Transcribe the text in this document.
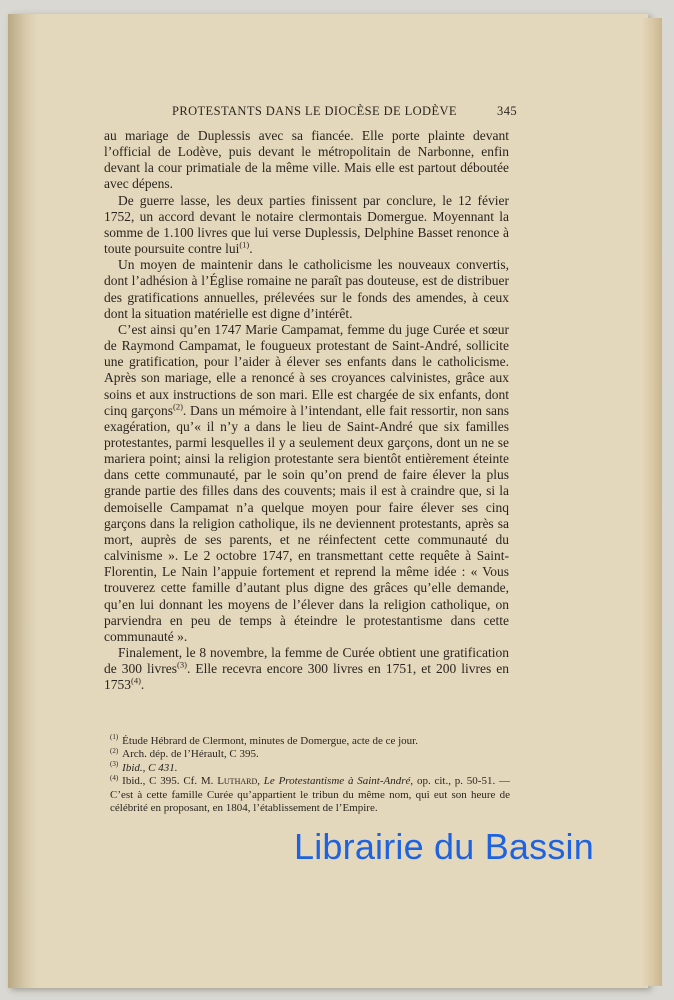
PROTESTANTS DANS LE DIOCÈSE DE LODÈVE	345

au mariage de Duplessis avec sa fiancée. Elle porte plainte devant l’official de Lodève, puis devant le métropolitain de Narbonne, enfin devant la cour primatiale de la même ville. Mais elle est partout déboutée avec dépens.

De guerre lasse, les deux parties finissent par conclure, le 12 févier 1752, un accord devant le notaire clermontais Domergue. Moyennant la somme de 1.100 livres que lui verse Duplessis, Delphine Basset renonce à toute poursuite contre lui$^{(1)}$.

Un moyen de maintenir dans le catholicisme les nouveaux convertis, dont l’adhésion à l’Église romaine ne paraît pas douteuse, est de distribuer des gratifications annuelles, prélevées sur le fonds des amendes, à ceux dont la situation matérielle est digne d’intérêt.

C’est ainsi qu’en 1747 Marie Campamat, femme du juge Curée et sœur de Raymond Campamat, le fougueux protestant de Saint-André, sollicite une gratification, pour l’aider à élever ses enfants dans le catholicisme. Après son mariage, elle a renoncé à ses croyances calvinistes, grâce aux soins et aux instructions de son mari. Elle est chargée de six enfants, dont cinq garçons$^{(2)}$. Dans un mémoire à l’intendant, elle fait ressortir, non sans exagération, qu’« il n’y a dans le lieu de Saint-André que six familles protestantes, parmi lesquelles il y a seulement deux garçons, dont un ne se mariera point; ainsi la religion protestante sera bientôt entièrement éteinte dans cette communauté, par le soin qu’on prend de faire élever la plus grande partie des filles dans des couvents; mais il est à craindre que, si la demoiselle Campamat n’a quelque moyen pour faire élever ses cinq garçons dans la religion catholique, ils ne deviennent protestants, après sa mort, auprès de ses parents, et ne réinfectent cette communauté du calvinisme ». Le 2 octobre 1747, en transmettant cette requête à Saint-Florentin, Le Nain l’appuie fortement et reprend la même idée : « Vous trouverez cette famille d’autant plus digne des grâces qu’elle demande, qu’en lui donnant les moyens de l’élever dans la religion catholique, on parviendra en peu de temps à éteindre le protestantisme dans cette communauté ».

Finalement, le 8 novembre, la femme de Curée obtient une gratification de 300 livres$^{(3)}$. Elle recevra encore 300 livres en 1751, et 200 livres en 1753$^{(4)}$.

$^{(1)}$ Étude Hébrard de Clermont, minutes de Domergue, acte de ce jour.

$^{(2)}$ Arch. dép. de l’Hérault, C 395.

$^{(3)}$ Ibid., C 431.

$^{(4)}$ Ibid., C 395. Cf. M. Luthard, Le Protestantisme à Saint-André, op. cit., p. 50-51. — C’est à cette famille Curée qu’appartient le tribun du même nom, qui eut son heure de célébrité en proposant, en 1804, l’établissement de l’Empire.

Librairie du Bassin
